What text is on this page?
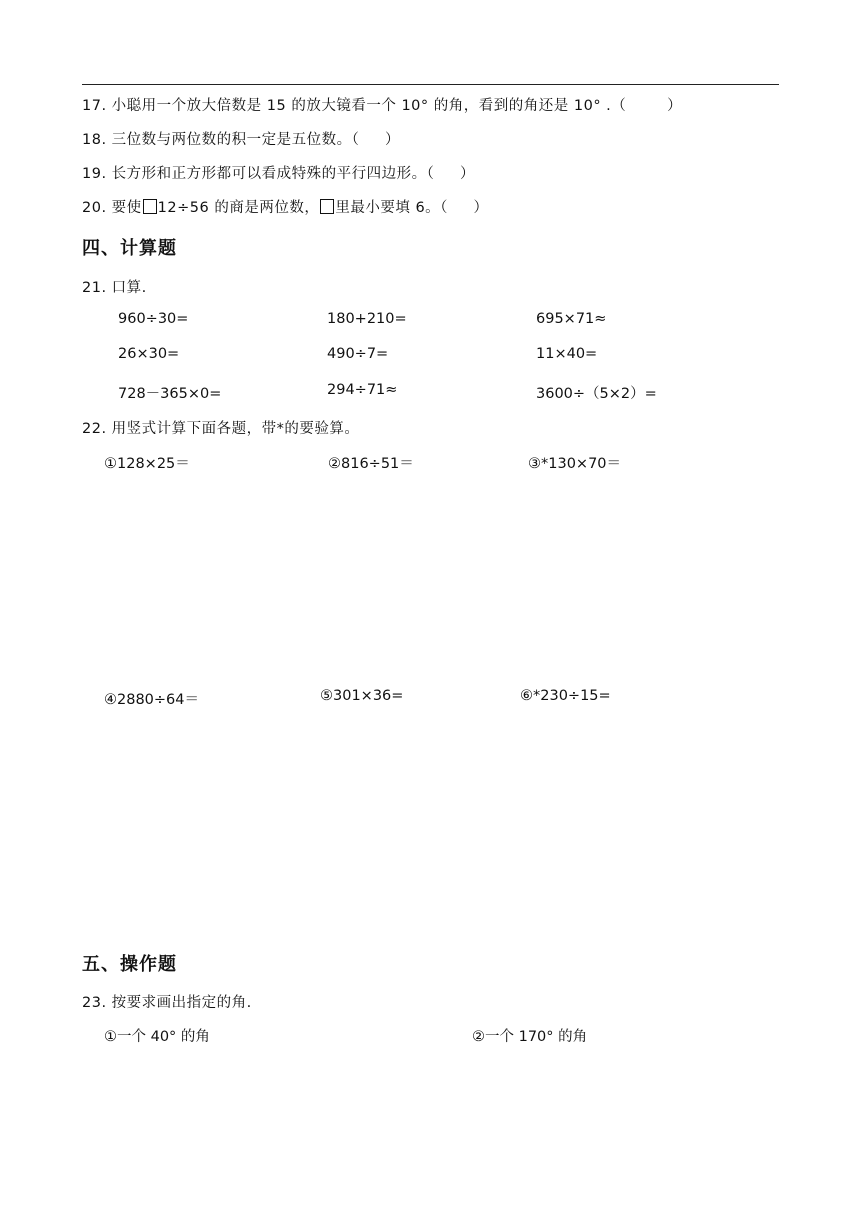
17. 小聪用一个放大倍数是 15 的放大镜看一个 10° 的角，看到的角还是 10° .（	）
18. 三位数与两位数的积一定是五位数。（ ）
19. 长方形和正方形都可以看成特殊的平行四边形。（ ）
20. 要使 12÷56 的商是两位数， 里最小要填 6。（ ）
四、计算题
21. 口算.
960÷30=	180+210=	695×71≈
26×30=	490÷7=	11×40=
728－365×0=	294÷71≈	3600÷（5×2）=
22. 用竖式计算下面各题，带*的要验算。
①128×25＝	②816÷51＝	③*130×70＝
④2880÷64＝	⑤301×36=	⑥*230÷15=
五、操作题
23. 按要求画出指定的角.
①一个 40° 的角	②一个 170° 的角
